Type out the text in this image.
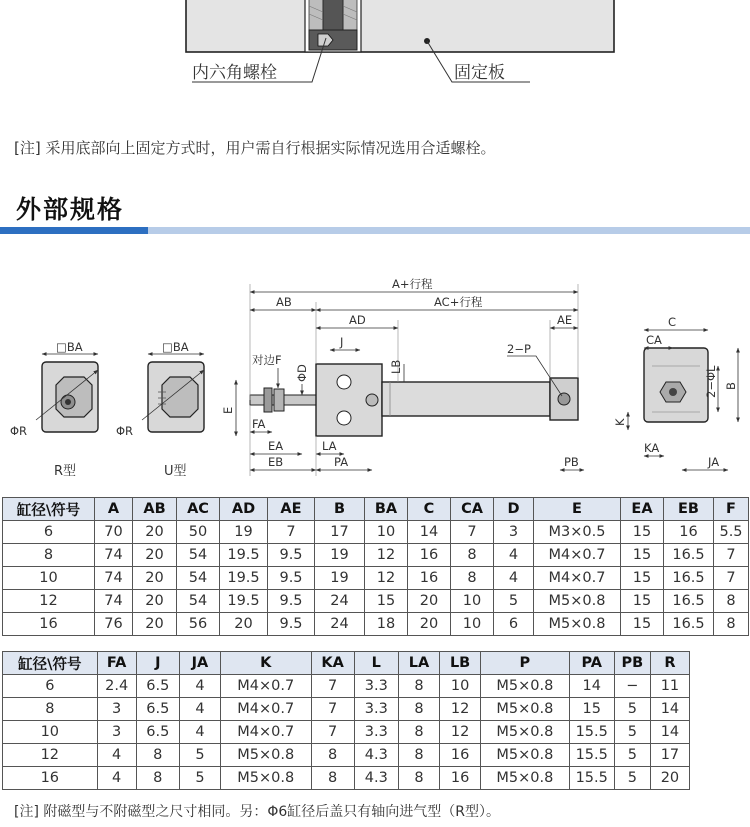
内六角螺栓	固定板
[注] 采用底部向上固定方式时，用户需自行根据实际情况选用合适螺栓。
外部规格
□BA
ΦR
R型
□BA
ΦR
U型
A+行程
AB	AC+行程
AD	AE
J
LB
2−P
对边F
ΦD
E
FA
EA
EB
LA
PA	PB
C
CA
2−ΦL B
K
KA
JA
缸径\符号	A	AB	AC	AD	AE	B	BA	C	CA	D	E	EA	EB	F
6	70	20	50	19	7	17	10	14	7	3	M3×0.5	15	16	5.5
8	74	20	54	19.5	9.5	19	12	16	8	4	M4×0.7	15	16.5	7
10	74	20	54	19.5	9.5	19	12	16	8	4	M4×0.7	15	16.5	7
12	74	20	54	19.5	9.5	24	15	20	10	5	M5×0.8	15	16.5	8
16	76	20	56	20	9.5	24	18	20	10	6	M5×0.8	15	16.5	8
缸径\符号	FA	J	JA	K	KA	L	LA	LB	P	PA	PB	R
6	2.4	6.5	4	M4×0.7	7	3.3	8	10	M5×0.8	14	−	11
8	3	6.5	4	M4×0.7	7	3.3	8	12	M5×0.8	15	5	14
10	3	6.5	4	M4×0.7	7	3.3	8	12	M5×0.8	15.5	5	14
12	4	8	5	M5×0.8	8	4.3	8	16	M5×0.8	15.5	5	17
16	4	8	5	M5×0.8	8	4.3	8	16	M5×0.8	15.5	5	20
[注] 附磁型与不附磁型之尺寸相同。另：Φ6缸径后盖只有轴向进气型（R型）。
